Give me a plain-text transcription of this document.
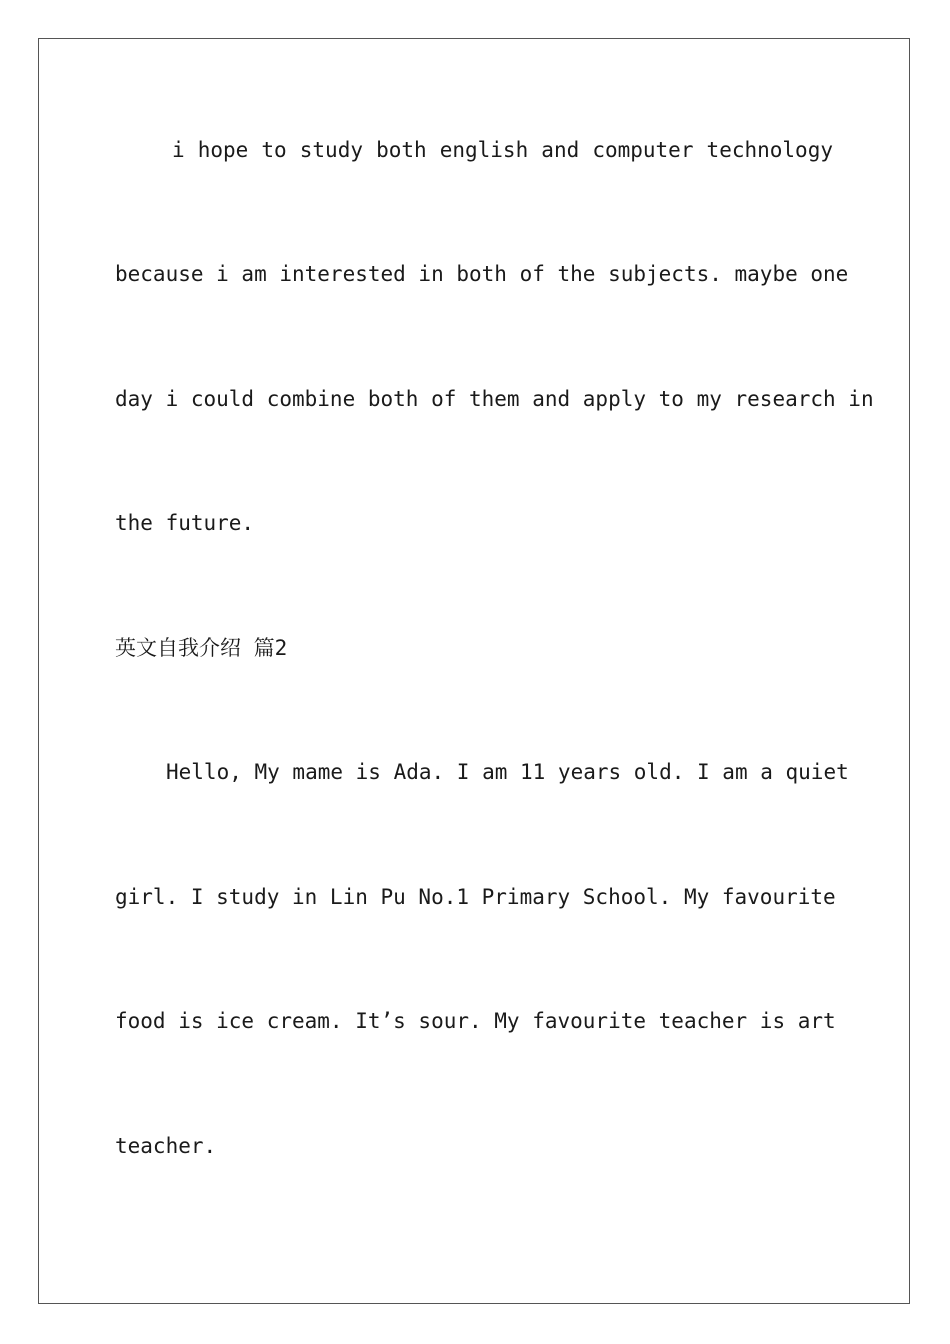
i hope to study both english and computer technology
because i am interested in both of the subjects. maybe one
day i could combine both of them and apply to my research in
the future.
英文自我介绍 篇2
Hello, My mame is Ada. I am 11 years old. I am a quiet
girl. I study in Lin Pu No.1 Primary School. My favourite
food is ice cream. It’s sour. My favourite teacher is art
teacher.
